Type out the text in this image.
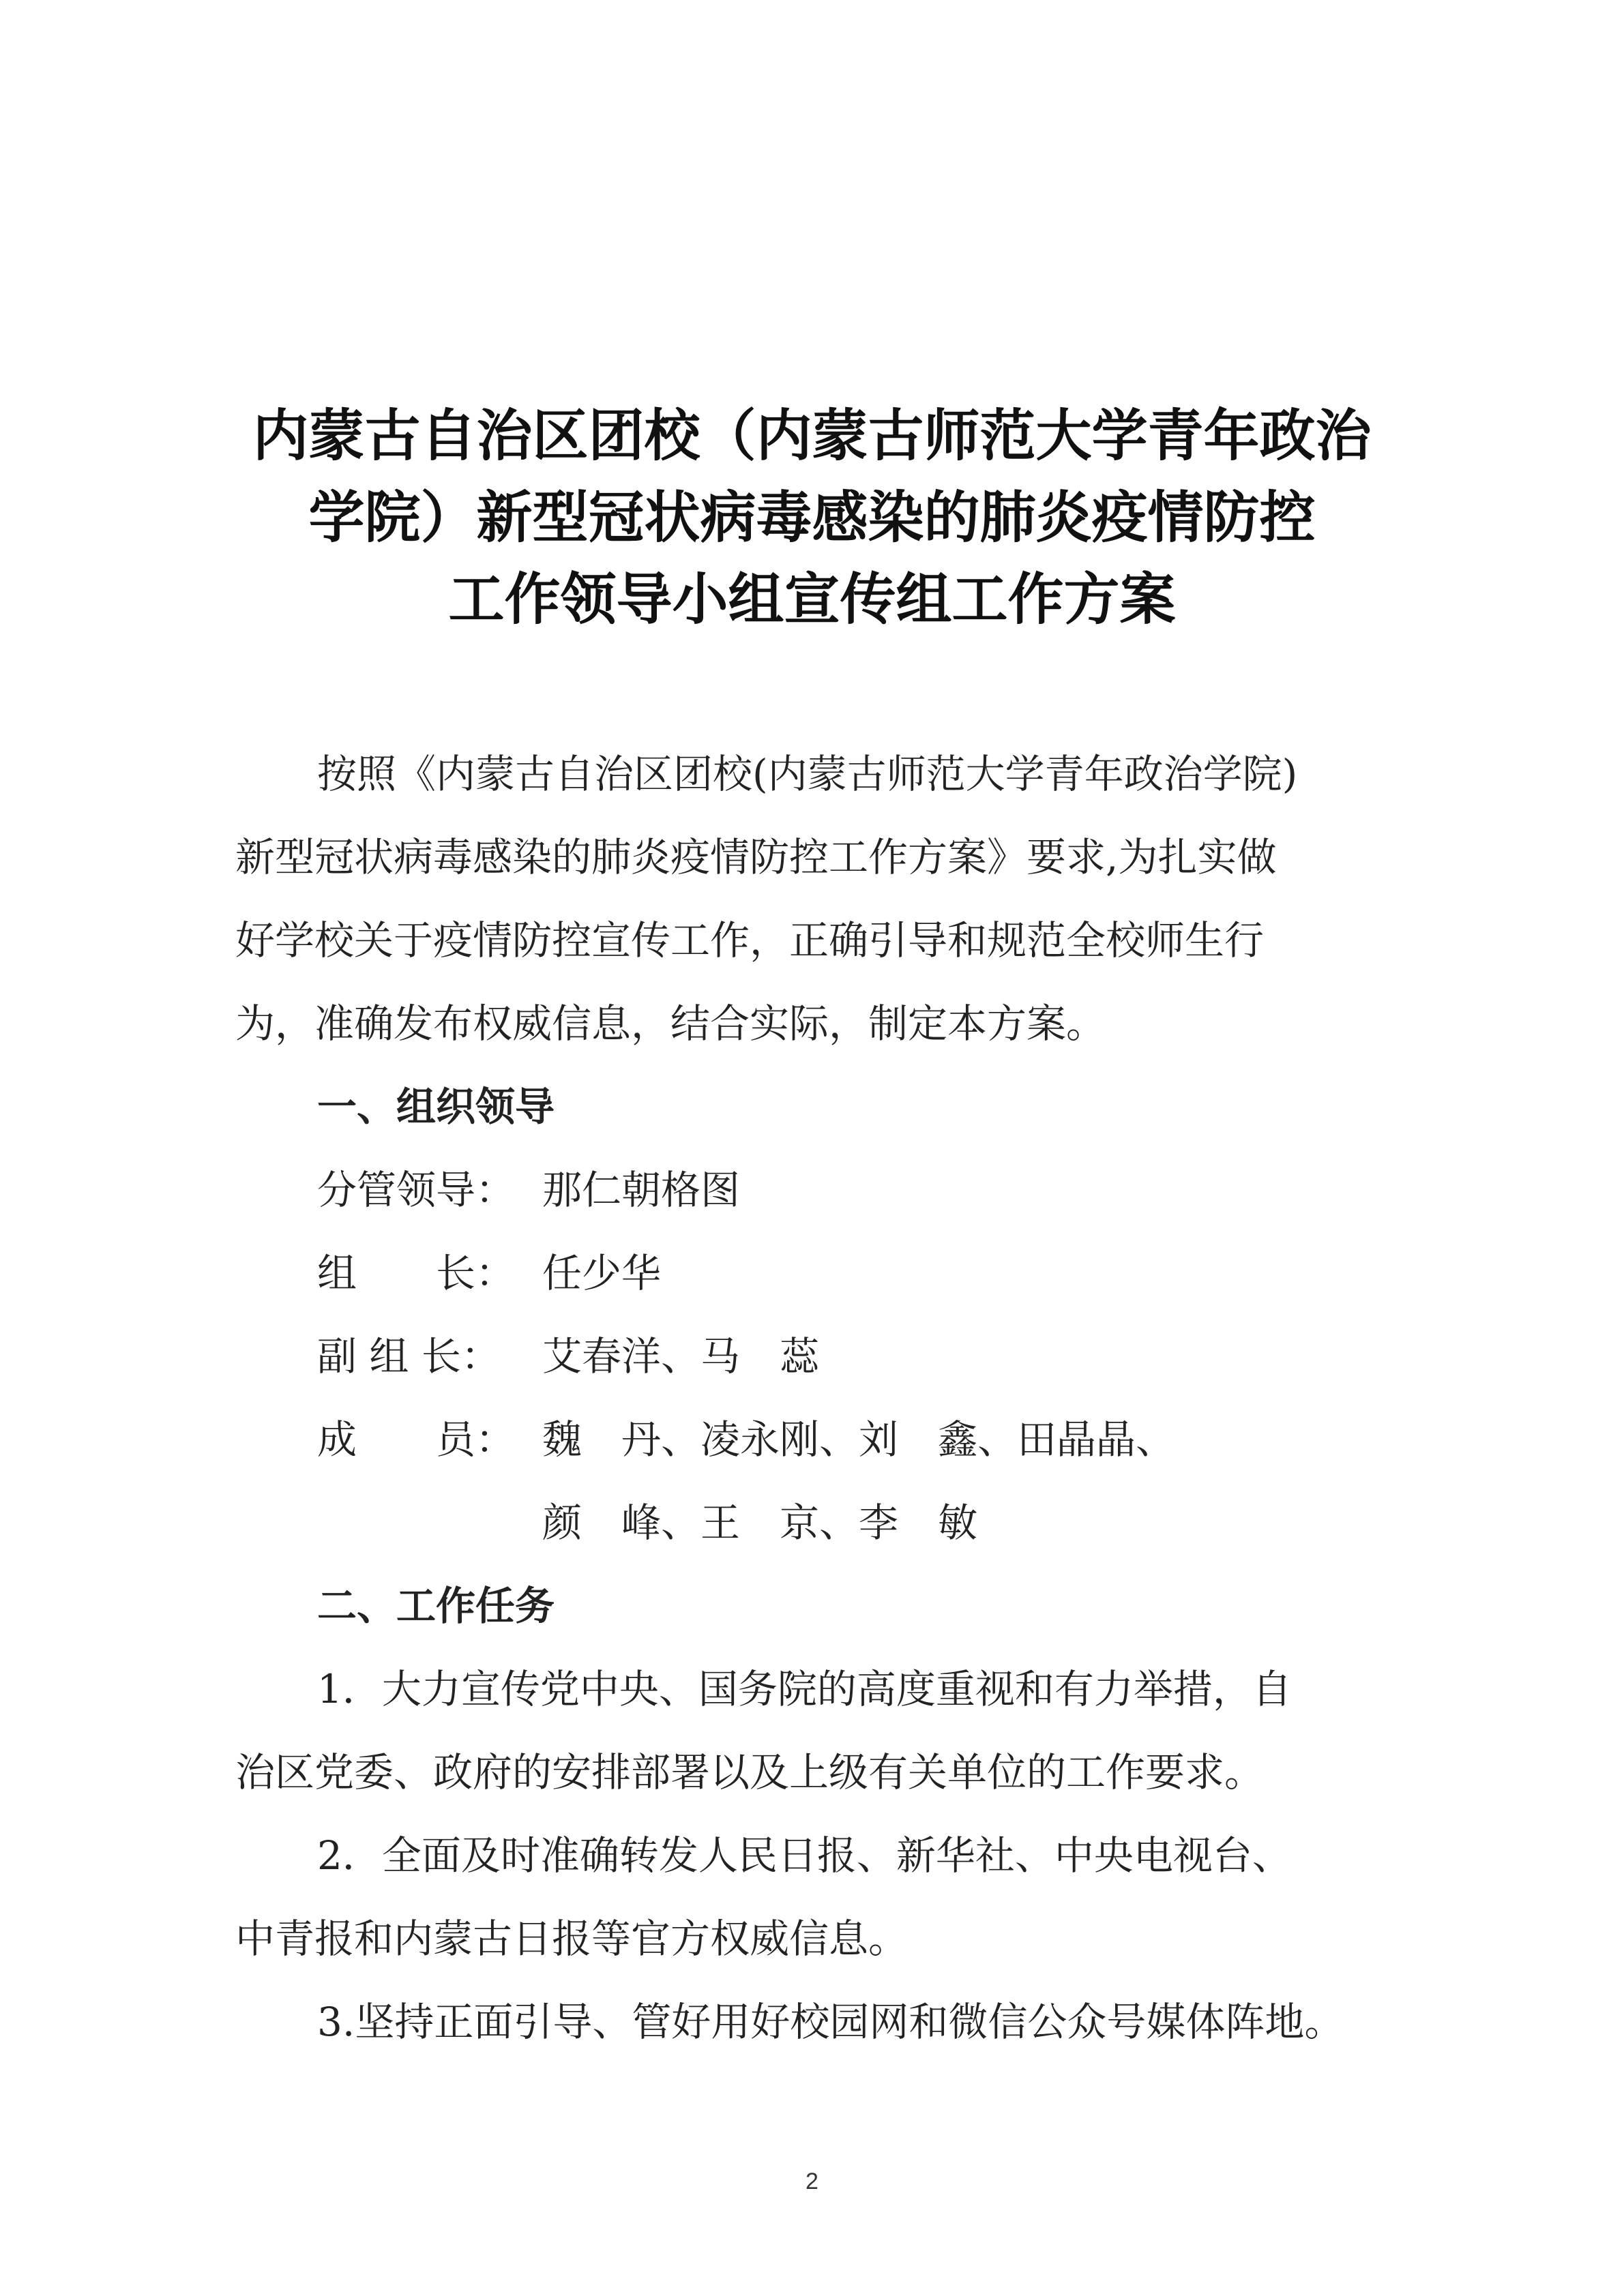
内蒙古自治区团校（内蒙古师范大学青年政治
学院）新型冠状病毒感染的肺炎疫情防控
工作领导小组宣传组工作方案
按照《内蒙古自治区团校(内蒙古师范大学青年政治学院)
新型冠状病毒感染的肺炎疫情防控工作方案》要求,为扎实做
好学校关于疫情防控宣传工作，正确引导和规范全校师生行
为，准确发布权威信息，结合实际，制定本方案。
一、组织领导
分管领导： 那仁朝格图
组　　长： 任少华
副 组 长： 艾春洋、马　蕊
成　　员： 魏　丹、凌永刚、刘　鑫、田晶晶、
颜　峰、王　京、李　敏
二、工作任务
1．大力宣传党中央、国务院的高度重视和有力举措，自
治区党委、政府的安排部署以及上级有关单位的工作要求。
2．全面及时准确转发人民日报、新华社、中央电视台、
中青报和内蒙古日报等官方权威信息。
3.坚持正面引导、管好用好校园网和微信公众号媒体阵地。
2
